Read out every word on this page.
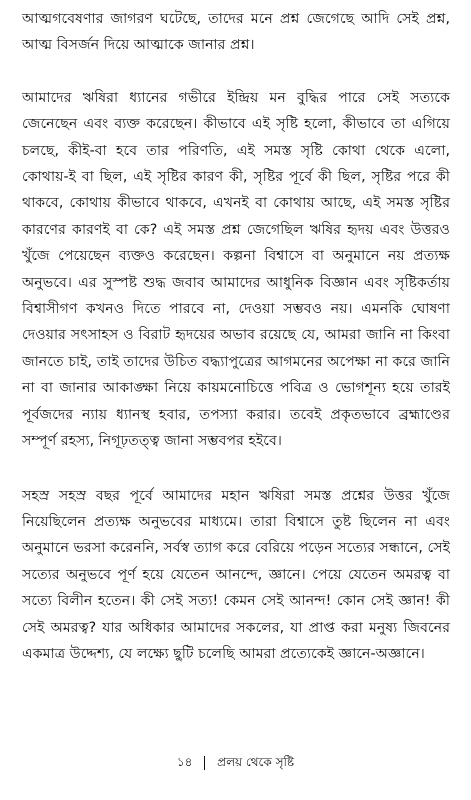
আত্মগবেষণার জাগরণ ঘটেছে, তাদের মনে প্রশ্ন জেগেছে আদি সেই প্রশ্ন, আত্ম বিসর্জন দিয়ে আত্মাকে জানার প্রশ্ন।

আমাদের ঋষিরা ধ্যানের গভীরে ইন্দ্রিয় মন বুদ্ধির পারে সেই সত্যকে জেনেছেন এবং ব্যক্ত করেছেন। কীভাবে এই সৃষ্টি হলো, কীভাবে তা এগিয়ে চলছে, কীই-বা হবে তার পরিণতি, এই সমস্ত সৃষ্টি কোথা থেকে এলো, কোথায়-ই বা ছিল, এই সৃষ্টির কারণ কী, সৃষ্টির পূর্বে কী ছিল, সৃষ্টির পরে কী থাকবে, কোথায় কীভাবে থাকবে, এখনই বা কোথায় আছে, এই সমস্ত সৃষ্টির কারণের কারণই বা কে? এই সমস্ত প্রশ্ন জেগেছিল ঋষির হৃদয় এবং উত্তরও খুঁজে পেয়েছেন ব্যক্তও করেছেন। কল্পনা বিশ্বাসে বা অনুমানে নয় প্রত্যক্ষ অনুভবে। এর সুস্পষ্ট শুদ্ধ জবাব আমাদের আধুনিক বিজ্ঞান এবং সৃষ্টিকর্তায় বিশ্বাসীগণ কখনও দিতে পারবে না, দেওয়া সম্ভবও নয়। এমনকি ঘোষণা দেওয়ার সৎসাহস ও বিরাট হৃদয়ের অভাব রয়েছে যে, আমরা জানি না কিংবা জানতে চাই, তাই তাদের উচিত বদ্ধ্যাপুত্রের আগমনের অপেক্ষা না করে জানি না বা জানার আকাঙ্ক্ষা নিয়ে কায়মনোচিত্তে পবিত্র ও ভোগশূন্য হয়ে তারই পূর্বজদের ন্যায় ধ্যানস্থ হবার, তপস্যা করার। তবেই প্রকৃতভাবে ব্রহ্মাণ্ডের সম্পূর্ণ রহস্য, নিগূঢ়তত্ত্ব জানা সম্ভবপর হইবে।

সহস্র সহস্র বছর পূর্বে আমাদের মহান ঋষিরা সমস্ত প্রশ্নের উত্তর খুঁজে নিয়েছিলেন প্রত্যক্ষ অনুভবের মাধ্যমে। তারা বিশ্বাসে তুষ্ট ছিলেন না এবং অনুমানে ভরসা করেননি, সর্বস্ব ত্যাগ করে বেরিয়ে পড়েন সত্যের সন্ধানে, সেই সত্যের অনুভবে পূর্ণ হয়ে যেতেন আনন্দে, জ্ঞানে। পেয়ে যেতেন অমরত্ব বা সত্যে বিলীন হতেন। কী সেই সত্য! কেমন সেই আনন্দ! কোন সেই জ্ঞান! কী সেই অমরত্ব? যার অধিকার আমাদের সকলের, যা প্রাপ্ত করা মনুষ্য জিবনের একমাত্র উদ্দেশ্য, যে লক্ষ্যে ছুটি চলেছি আমরা প্রত্যেকেই জ্ঞানে-অজ্ঞানে।

১৪ প্রলয় থেকে সৃষ্টি
